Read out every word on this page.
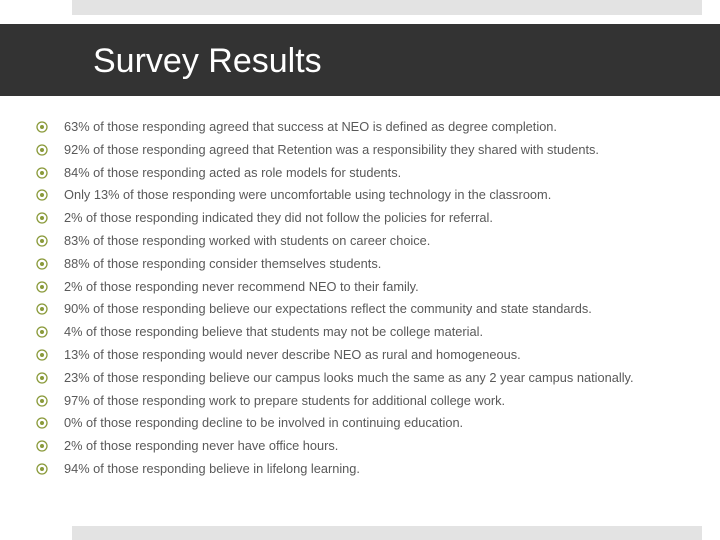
Survey Results
63% of those responding agreed that success at NEO is defined as degree completion.
92% of those responding agreed that Retention was a responsibility they shared with students.
84% of those responding acted as role models for students.
Only 13% of those responding were uncomfortable using technology in the classroom.
2% of those responding indicated they did not follow the policies for referral.
83% of those responding worked with students on career choice.
88% of those responding consider themselves students.
2% of those responding never recommend NEO to their family.
90% of those responding believe our expectations reflect the community and state standards.
4% of those responding believe that students may not be college material.
13% of those responding would never describe NEO as rural and homogeneous.
23% of those responding believe our campus looks much the same as any 2 year campus nationally.
97% of those responding work to prepare students for additional college work.
0% of those responding decline to be involved in continuing education.
2% of those responding never have office hours.
94% of those responding believe in lifelong learning.
